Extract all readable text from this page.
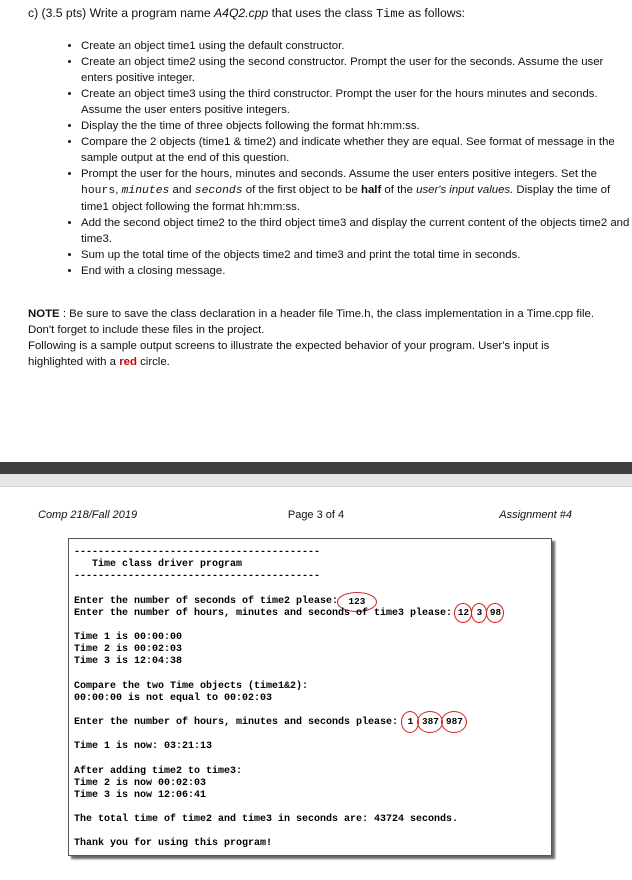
c) (3.5 pts) Write a program name A4Q2.cpp that uses the class Time as follows:
• Create an object time1 using the default constructor.
• Create an object time2 using the second constructor. Prompt the user for the seconds. Assume the user enters positive integer.
• Create an object time3 using the third constructor. Prompt the user for the hours minutes and seconds. Assume the user enters positive integers.
• Display the the time of three objects following the format hh:mm:ss.
• Compare the 2 objects (time1 & time2) and indicate whether they are equal. See format of message in the sample output at the end of this question.
• Prompt the user for the hours, minutes and seconds. Assume the user enters positive integers. Set the hours, minutes and seconds of the first object to be half of the user's input values. Display the time of time1 object following the format hh:mm:ss.
• Add the second object time2 to the third object time3 and display the current content of the objects time2 and time3.
• Sum up the total time of the objects time2 and time3 and print the total time in seconds.
• End with a closing message.
NOTE : Be sure to save the class declaration in a header file Time.h, the class implementation in a Time.cpp file. Don't forget to include these files in the project.
Following is a sample output screens to illustrate the expected behavior of your program. User's input is highlighted with a red circle.
Comp 218/Fall 2019	Page 3 of 4	Assignment #4
-----------------------------------------
Time class driver program
-----------------------------------------
Enter the number of seconds of time2 please:	123
Enter the number of hours, minutes and seconds of time3 please: 12 3 98
Time 1 is 00:00:00
Time 2 is 00:02:03
Time 3 is 12:04:38
Compare the two Time objects (time1&2):
00:00:00 is not equal to 00:02:03
Enter the number of hours, minutes and seconds please:	1 387 987
Time 1 is now: 03:21:13
After adding time2 to time3:
Time 2 is now 00:02:03
Time 3 is now 12:06:41
The total time of time2 and time3 in seconds are: 43724 seconds.
Thank you for using this program!
